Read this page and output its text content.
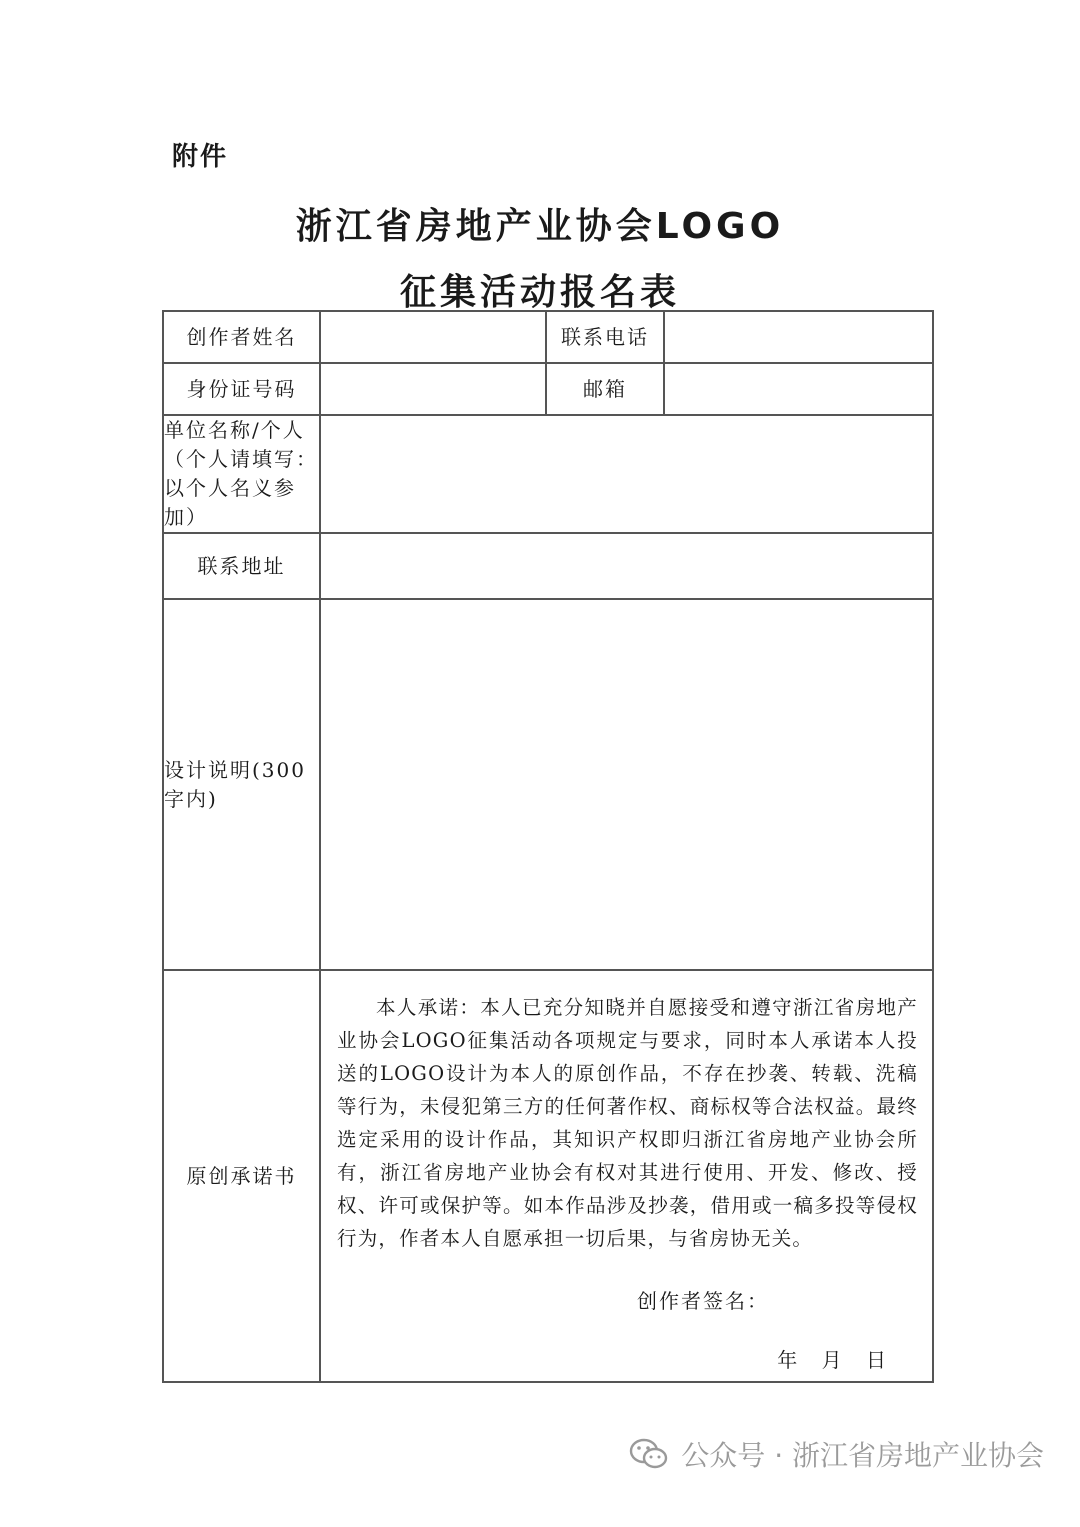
附件
浙江省房地产业协会LOGO
征集活动报名表
创作者姓名		联系电话	
身份证号码		邮箱	
单位名称/个人（个人请填写：以个人名义参加）			
联系地址			
设计说明(300字内)			
原创承诺书	本人承诺：本人已充分知晓并自愿接受和遵守浙江省房地产业协会LOGO征集活动各项规定与要求，同时本人承诺本人投送的LOGO设计为本人的原创作品，不存在抄袭、转载、洗稿等行为，未侵犯第三方的任何著作权、商标权等合法权益。最终选定采用的设计作品，其知识产权即归浙江省房地产业协会所有，浙江省房地产业协会有权对其进行使用、开发、修改、授权、许可或保护等。如本作品涉及抄袭，借用或一稿多投等侵权行为，作者本人自愿承担一切后果，与省房协无关。
创作者签名：
年 月 日		
公众号 · 浙江省房地产业协会
